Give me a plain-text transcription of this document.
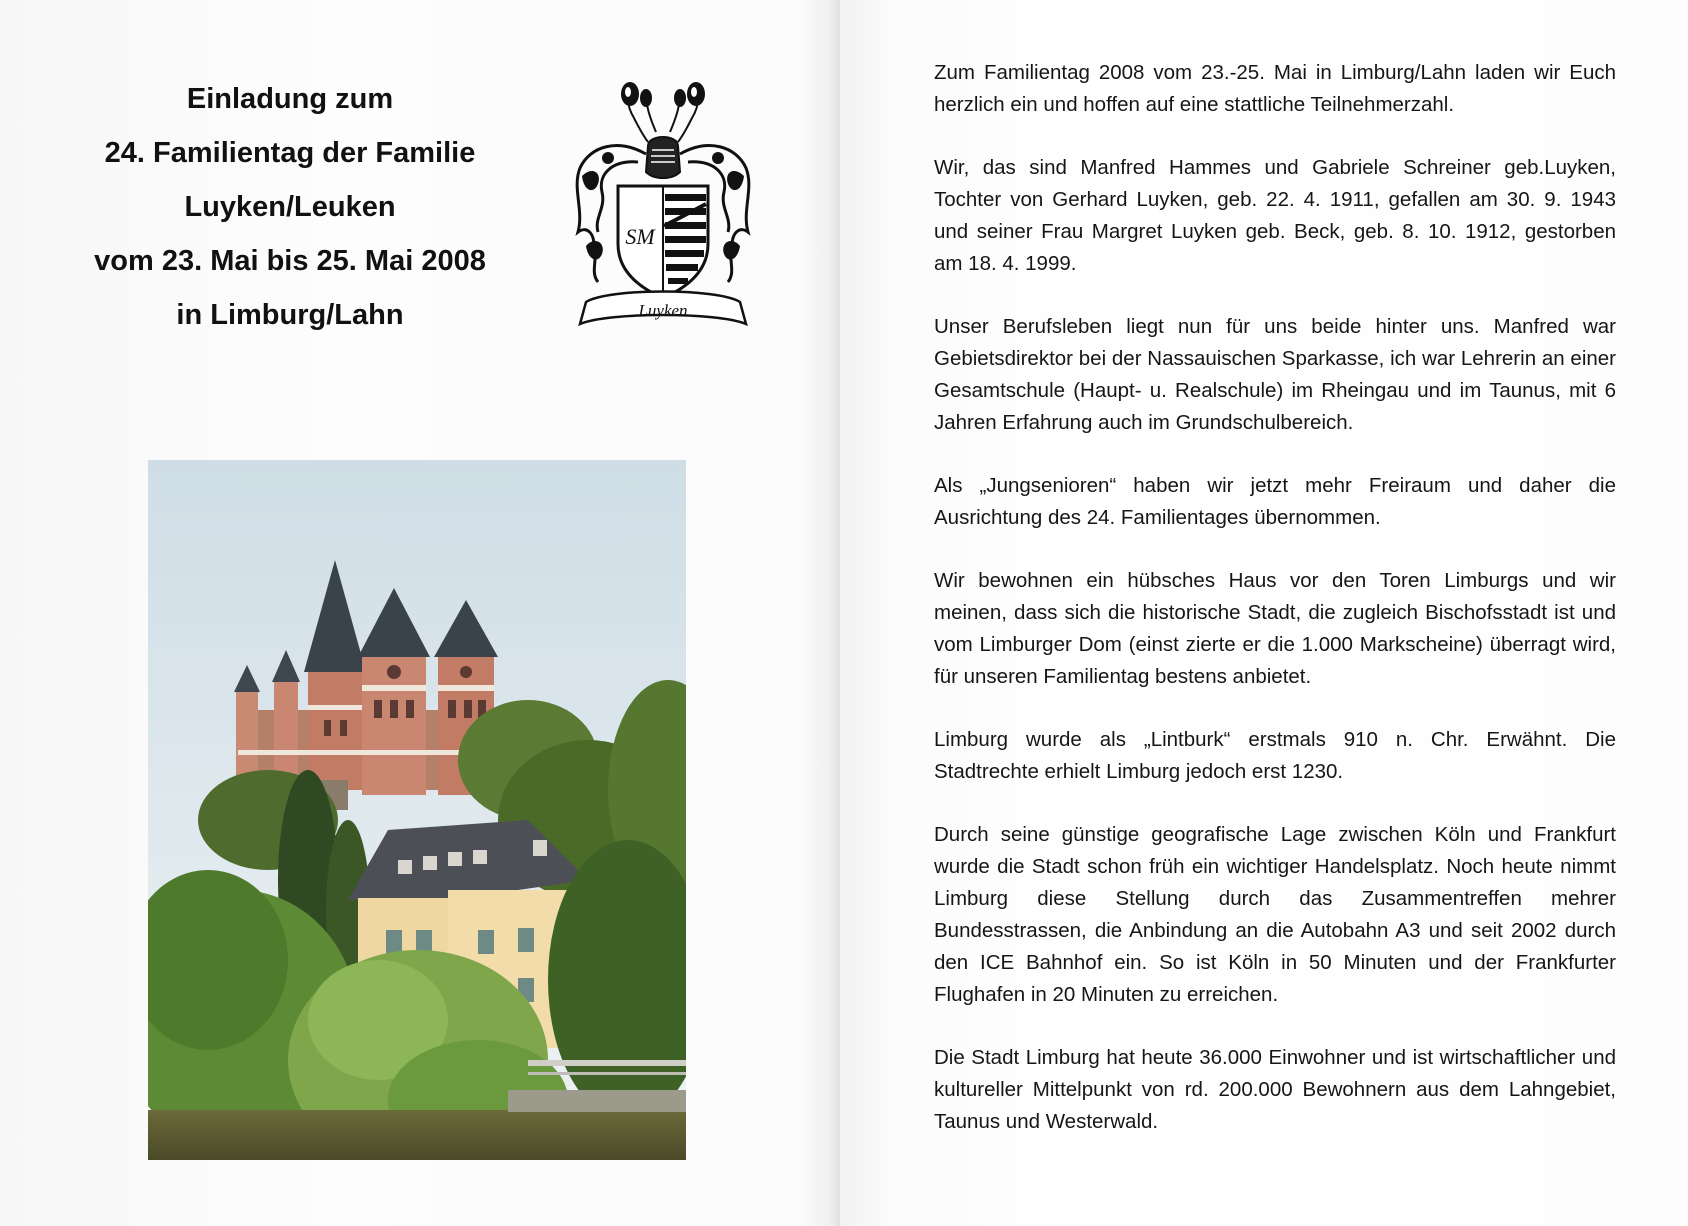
Einladung zum
24. Familientag der Familie
Luyken/Leuken
vom 23. Mai bis 25. Mai 2008
in Limburg/Lahn
SM
Luyken

Zum Familientag 2008 vom 23.-25. Mai in Limburg/Lahn laden wir Euch herzlich ein und hoffen auf eine stattliche Teilnehmerzahl.

Wir, das sind Manfred Hammes und Gabriele Schreiner geb.Luyken, Tochter von Gerhard Luyken, geb. 22. 4. 1911, gefallen am 30. 9. 1943 und seiner Frau Margret Luyken geb. Beck, geb. 8. 10. 1912, gestorben am 18. 4. 1999.

Unser Berufsleben liegt nun für uns beide hinter uns. Manfred war Gebietsdirektor bei der Nassauischen Sparkasse, ich war Lehrerin an einer Gesamtschule (Haupt- u. Realschule) im Rheingau und im Taunus, mit 6 Jahren Erfahrung auch im Grundschulbereich.

Als „Jungsenioren“ haben wir jetzt mehr Freiraum und daher die Ausrichtung des 24. Familientages übernommen.

Wir bewohnen ein hübsches Haus vor den Toren Limburgs und wir meinen, dass sich die historische Stadt, die zugleich Bischofsstadt ist und vom Limburger Dom (einst zierte er die 1.000 Markscheine) überragt wird, für unseren Familientag bestens anbietet.

Limburg wurde als „Lintburk“ erstmals 910 n. Chr. Erwähnt. Die Stadtrechte erhielt Limburg jedoch erst 1230.

Durch seine günstige geografische Lage zwischen Köln und Frankfurt wurde die Stadt schon früh ein wichtiger Handelsplatz. Noch heute nimmt Limburg diese Stellung durch das Zusammentreffen mehrer Bundesstrassen, die Anbindung an die Autobahn A3 und seit 2002 durch den ICE Bahnhof ein. So ist Köln in 50 Minuten und der Frankfurter Flughafen in 20 Minuten zu erreichen.

Die Stadt Limburg hat heute 36.000 Einwohner und ist wirtschaftlicher und kultureller Mittelpunkt von rd. 200.000 Bewohnern aus dem Lahngebiet, Taunus und Westerwald.
